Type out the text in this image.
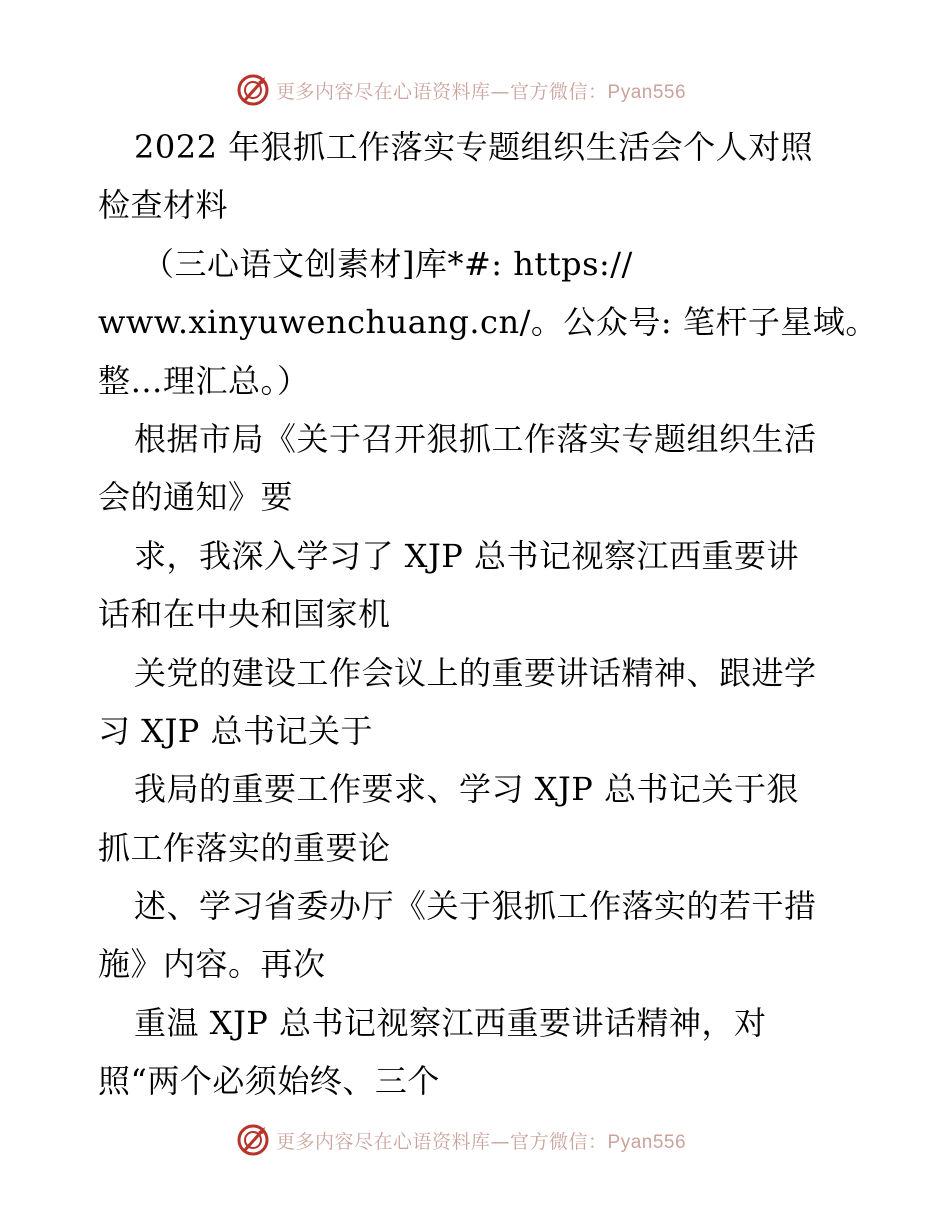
更多内容尽在心语资料库—官方微信：Pyan556
2022 年狠抓工作落实专题组织生活会个人对照
检查材料
（三心语文创素材]库*#: https://
www.xinyuwenchuang.cn/。公众号: 笔杆子星域。
整…理汇总。）
根据市局《关于召开狠抓工作落实专题组织生活
会的通知》要
求，我深入学习了 XJP 总书记视察江西重要讲
话和在中央和国家机
关党的建设工作会议上的重要讲话精神、跟进学
习 XJP 总书记关于
我局的重要工作要求、学习 XJP 总书记关于狠
抓工作落实的重要论
述、学习省委办厅《关于狠抓工作落实的若干措
施》内容。再次
重温 XJP 总书记视察江西重要讲话精神，对
照“两个必须始终、三个
更多内容尽在心语资料库—官方微信：Pyan556
